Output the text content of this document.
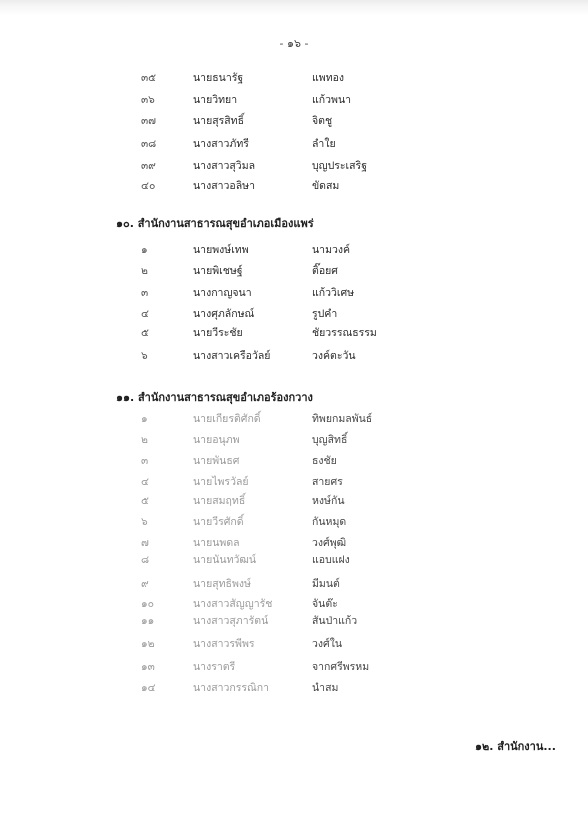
- ๑๖ -
๓๕	นายธนารัฐ	แพทอง
๓๖	นายวิทยา	แก้วพนา
๓๗	นายสุรสิทธิ์	จิตชู
๓๘	นางสาวภัทรี	ลำใย
๓๙	นางสาวสุวิมล	บุญประเสริฐ
๔๐	นางสาวอลิษา	ขัดสม
๑๐. สำนักงานสาธารณสุขอำเภอเมืองแพร่
๑	นายพงษ์เทพ	นามวงค์
๒	นายพิเชษฐ์	ติ๊อยศ
๓	นางกาญจนา	แก้ววิเศษ
๔	นางศุภลักษณ์	รูปคำ
๕	นายวีระชัย	ชัยวรรณธรรม
๖	นางสาวเครือวัลย์	วงค์ตะวัน
๑๑. สำนักงานสาธารณสุขอำเภอร้องกวาง
๑	นายเกียรติศักดิ์	ทิพยกมลพันธ์
๒	นายอนุภพ	บุญสิทธิ์
๓	นายพันธศ	ธงชัย
๔	นายไพรวัลย์	สายศร
๕	นายสมฤทธิ์	หงษ์กัน
๖	นายวีรศักดิ์	กันหมุด
๗	นายนพดล	วงศ์พุฒิ
๘	นายนันทวัฒน์	แอบแฝง
๙	นายสุทธิพงษ์	มีมนต์
๑๐	นางสาวสัญญารัช	จันต๊ะ
๑๑	นางสาวสุภารัตน์	สันป่าแก้ว
๑๒	นางสาวรพีพร	วงศ์ใน
๑๓	นางราตรี	จากศรีพรหม
๑๔	นางสาวกรรณิกา	นำสม
๑๒. สำนักงาน...
